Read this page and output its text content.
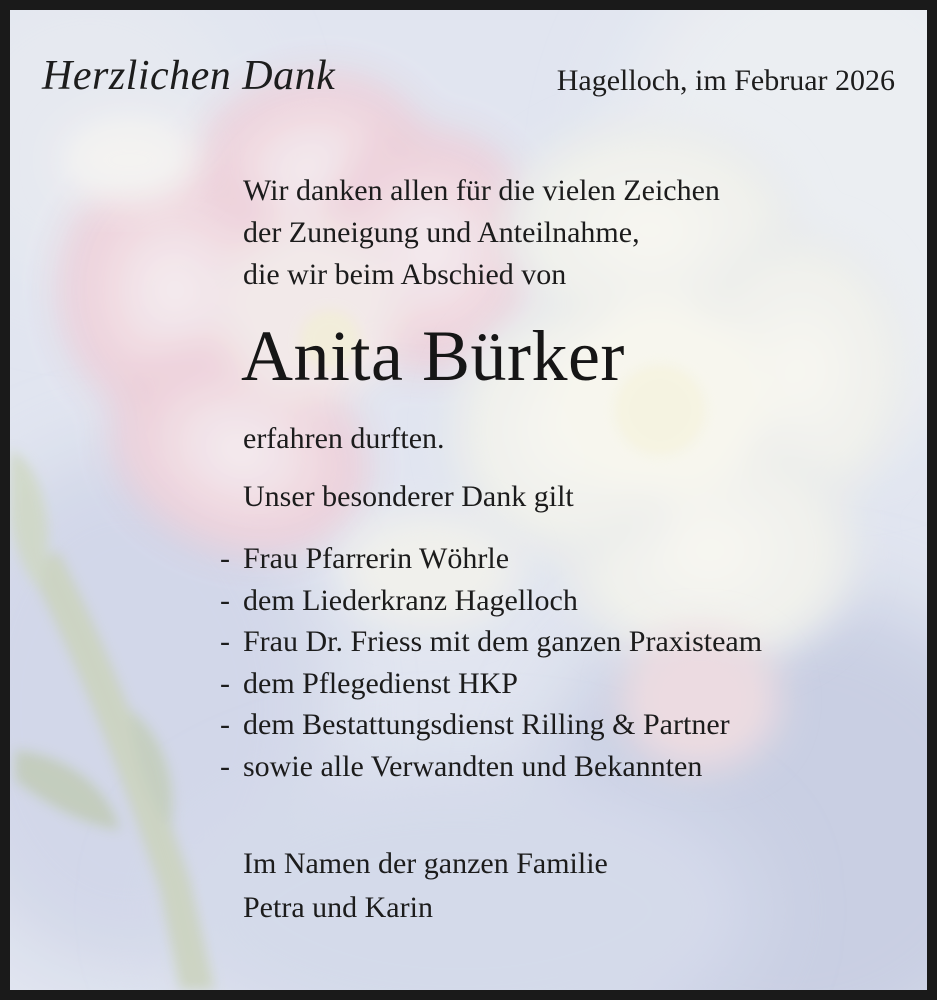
Herzlichen Dank	Hagelloch, im Februar 2026
Wir danken allen für die vielen Zeichen
der Zuneigung und Anteilnahme,
die wir beim Abschied von
Anita Bürker
erfahren durften.
Unser besonderer Dank gilt
- Frau Pfarrerin Wöhrle
- dem Liederkranz Hagelloch
- Frau Dr. Friess mit dem ganzen Praxisteam
- dem Pflegedienst HKP
- dem Bestattungsdienst Rilling & Partner
- sowie alle Verwandten und Bekannten
Im Namen der ganzen Familie
Petra und Karin
